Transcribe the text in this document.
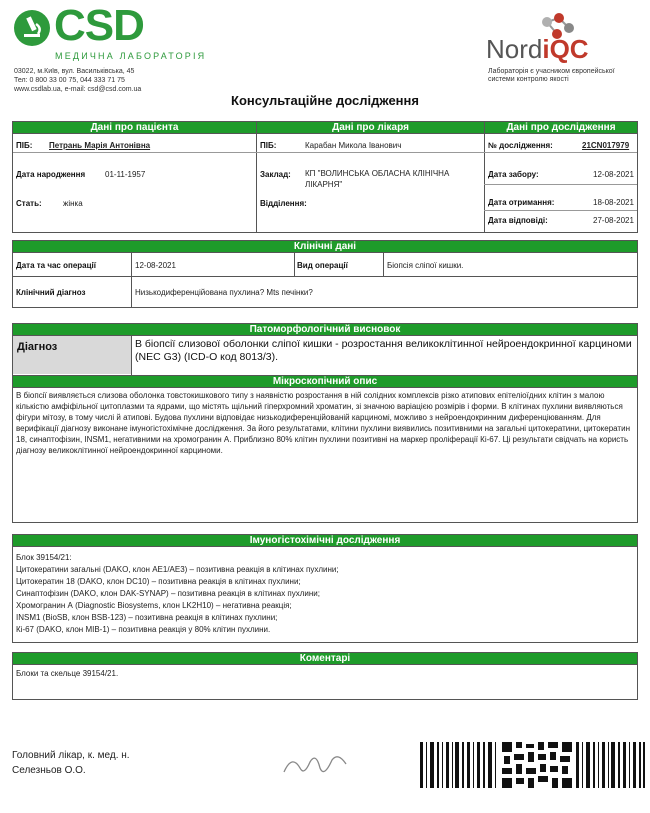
CSD
МЕДИЧНА ЛАБОРАТОРІЯ
03022, м.Київ, вул. Васильківська, 45
Тел: 0 800 33 00 75, 044 333 71 75
www.csdlab.ua, e-mail: csd@csd.com.ua
NordiQC
Лабораторія є учасником європейської системи контролю якості
Консультаційне дослідження
Дані про пацієнта	Дані про лікаря	Дані про дослідження
ПІБ: Петрань Марія Антонівна
Дата народження 01-11-1957
Стать:	жінка
ПІБ:	Карабан Микола Іванович
Заклад: КП "ВОЛИНСЬКА ОБЛАСНА КЛІНІЧНА ЛІКАРНЯ"
Відділення:
№ дослідження:	21CN017979
Дата забору:	12-08-2021
Дата отримання:	18-08-2021
Дата відповіді:	27-08-2021
Клінічні дані
Дата та час операції	12-08-2021	Вид операції	Біопсія сліпої кишки.
Клінічний діагноз	Низькодиференційована пухлина? Mts печінки?
Патоморфологічний висновок
Діагноз	В біопсії слизової оболонки сліпої кишки - розростання великоклітинної нейроендокринної карциноми (NEC G3) (ICD-O код 8013/3).
Мікроскопічний опис
В біопсії виявляється слизова оболонка товстокишкового типу з наявністю розростання в ній солідних комплексів різко атипових епітеліоїдних клітин з малою кількістю амфіфільної цитоплазми та ядрами, що містять щільний гіперхромний хроматин, зі значною варіацією розмірів і форми. В клітинах пухлини виявляються фігури мітозу, в тому числі й атипові. Будова пухлини відповідає низькодиференційованій карциномі, можливо з нейроендокринним диференціюванням. Для верифікації діагнозу виконане імуногістохімічне дослідження. За його результатами, клітини пухлини виявились позитивними на загальні цитокератини, цитокератин 18, синаптофізин, INSM1, негативними на хромогранин А. Приблизно 80% клітин пухлини позитивні на маркер проліферації Кі-67. Ці результати свідчать на користь діагнозу великоклітинної нейроендокринної карциноми.
Імуногістохімічні дослідження
Блок 39154/21:
Цитокератини загальні (DAKO, клон AE1/AE3) – позитивна реакція в клітинах пухлини;
Цитокератин 18 (DAKO, клон DC10) – позитивна реакція в клітинах пухлини;
Синаптофізин (DAKO, клон DAK-SYNAP) – позитивна реакція в клітинах пухлини;
Хромогранин А (Diagnostic Biosystems, клон LK2H10) – негативна реакція;
INSM1 (BioSB, клон BSB-123) – позитивна реакція в клітинах пухлини;
Кі-67 (DAKO, клон MIB-1) – позитивна реакція у 80% клітин пухлини.
Коментарі
Блоки та скельце 39154/21.
Головний лікар, к. мед. н.
Селезньов О.О.
